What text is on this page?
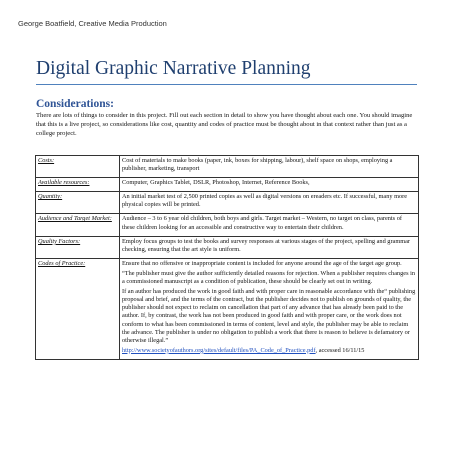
George Boatfield, Creative Media Production
Digital Graphic Narrative Planning
Considerations:
There are lots of things to consider in this project. Fill out each section in detail to show you have thought about each one. You should imagine that this is a live project, so considerations like cost, quantity and codes of practice must be thought about in that context rather than just as a college project.
Costs:	Cost of materials to make books (paper, ink, boxes for shipping, labour), shelf space on shops, employing a publisher, marketing, transport

Available resources:	Computer, Graphics Tablet, DSLR, Photoshop, Internet, Reference Books,

Quantity:	An initial market test of 2,500 printed copies as well as digital versions on ereaders etc. If successful, many more physical copies will be printed.

Audience and Target Market:	Audience – 3 to 6 year old children, both boys and girls. Target market – Western, no target on class, parents of these children looking for an accessible and constructive way to entertain their children.

Quality Factors:	Employ focus groups to test the books and survey responses at various stages of the project, spelling and grammar checking, ensuring that the art style is uniform.

Codes of Practice:	Ensure that no offensive or inappropriate content is included for anyone around the age of the target age group.

“The publisher must give the author sufficiently detailed reasons for rejection. When a publisher requires changes in a commissioned manuscript as a condition of publication, these should be clearly set out in writing.

If an author has produced the work in good faith and with proper care in reasonable accordance with the“ publishing proposal and brief, and the terms of the contract, but the publisher decides not to publish on grounds of quality, the publisher should not expect to reclaim on cancellation that part of any advance that has already been paid to the author. If, by contrast, the work has not been produced in good faith and with proper care, or the work does not conform to what has been commissioned in terms of content, level and style, the publisher may be able to reclaim the advance. The publisher is under no obligation to publish a work that there is reason to believe is defamatory or otherwise illegal.”

http://www.societyofauthors.org/sites/default/files/PA_Code_of_Practice.pdf, accessed 16/11/15
